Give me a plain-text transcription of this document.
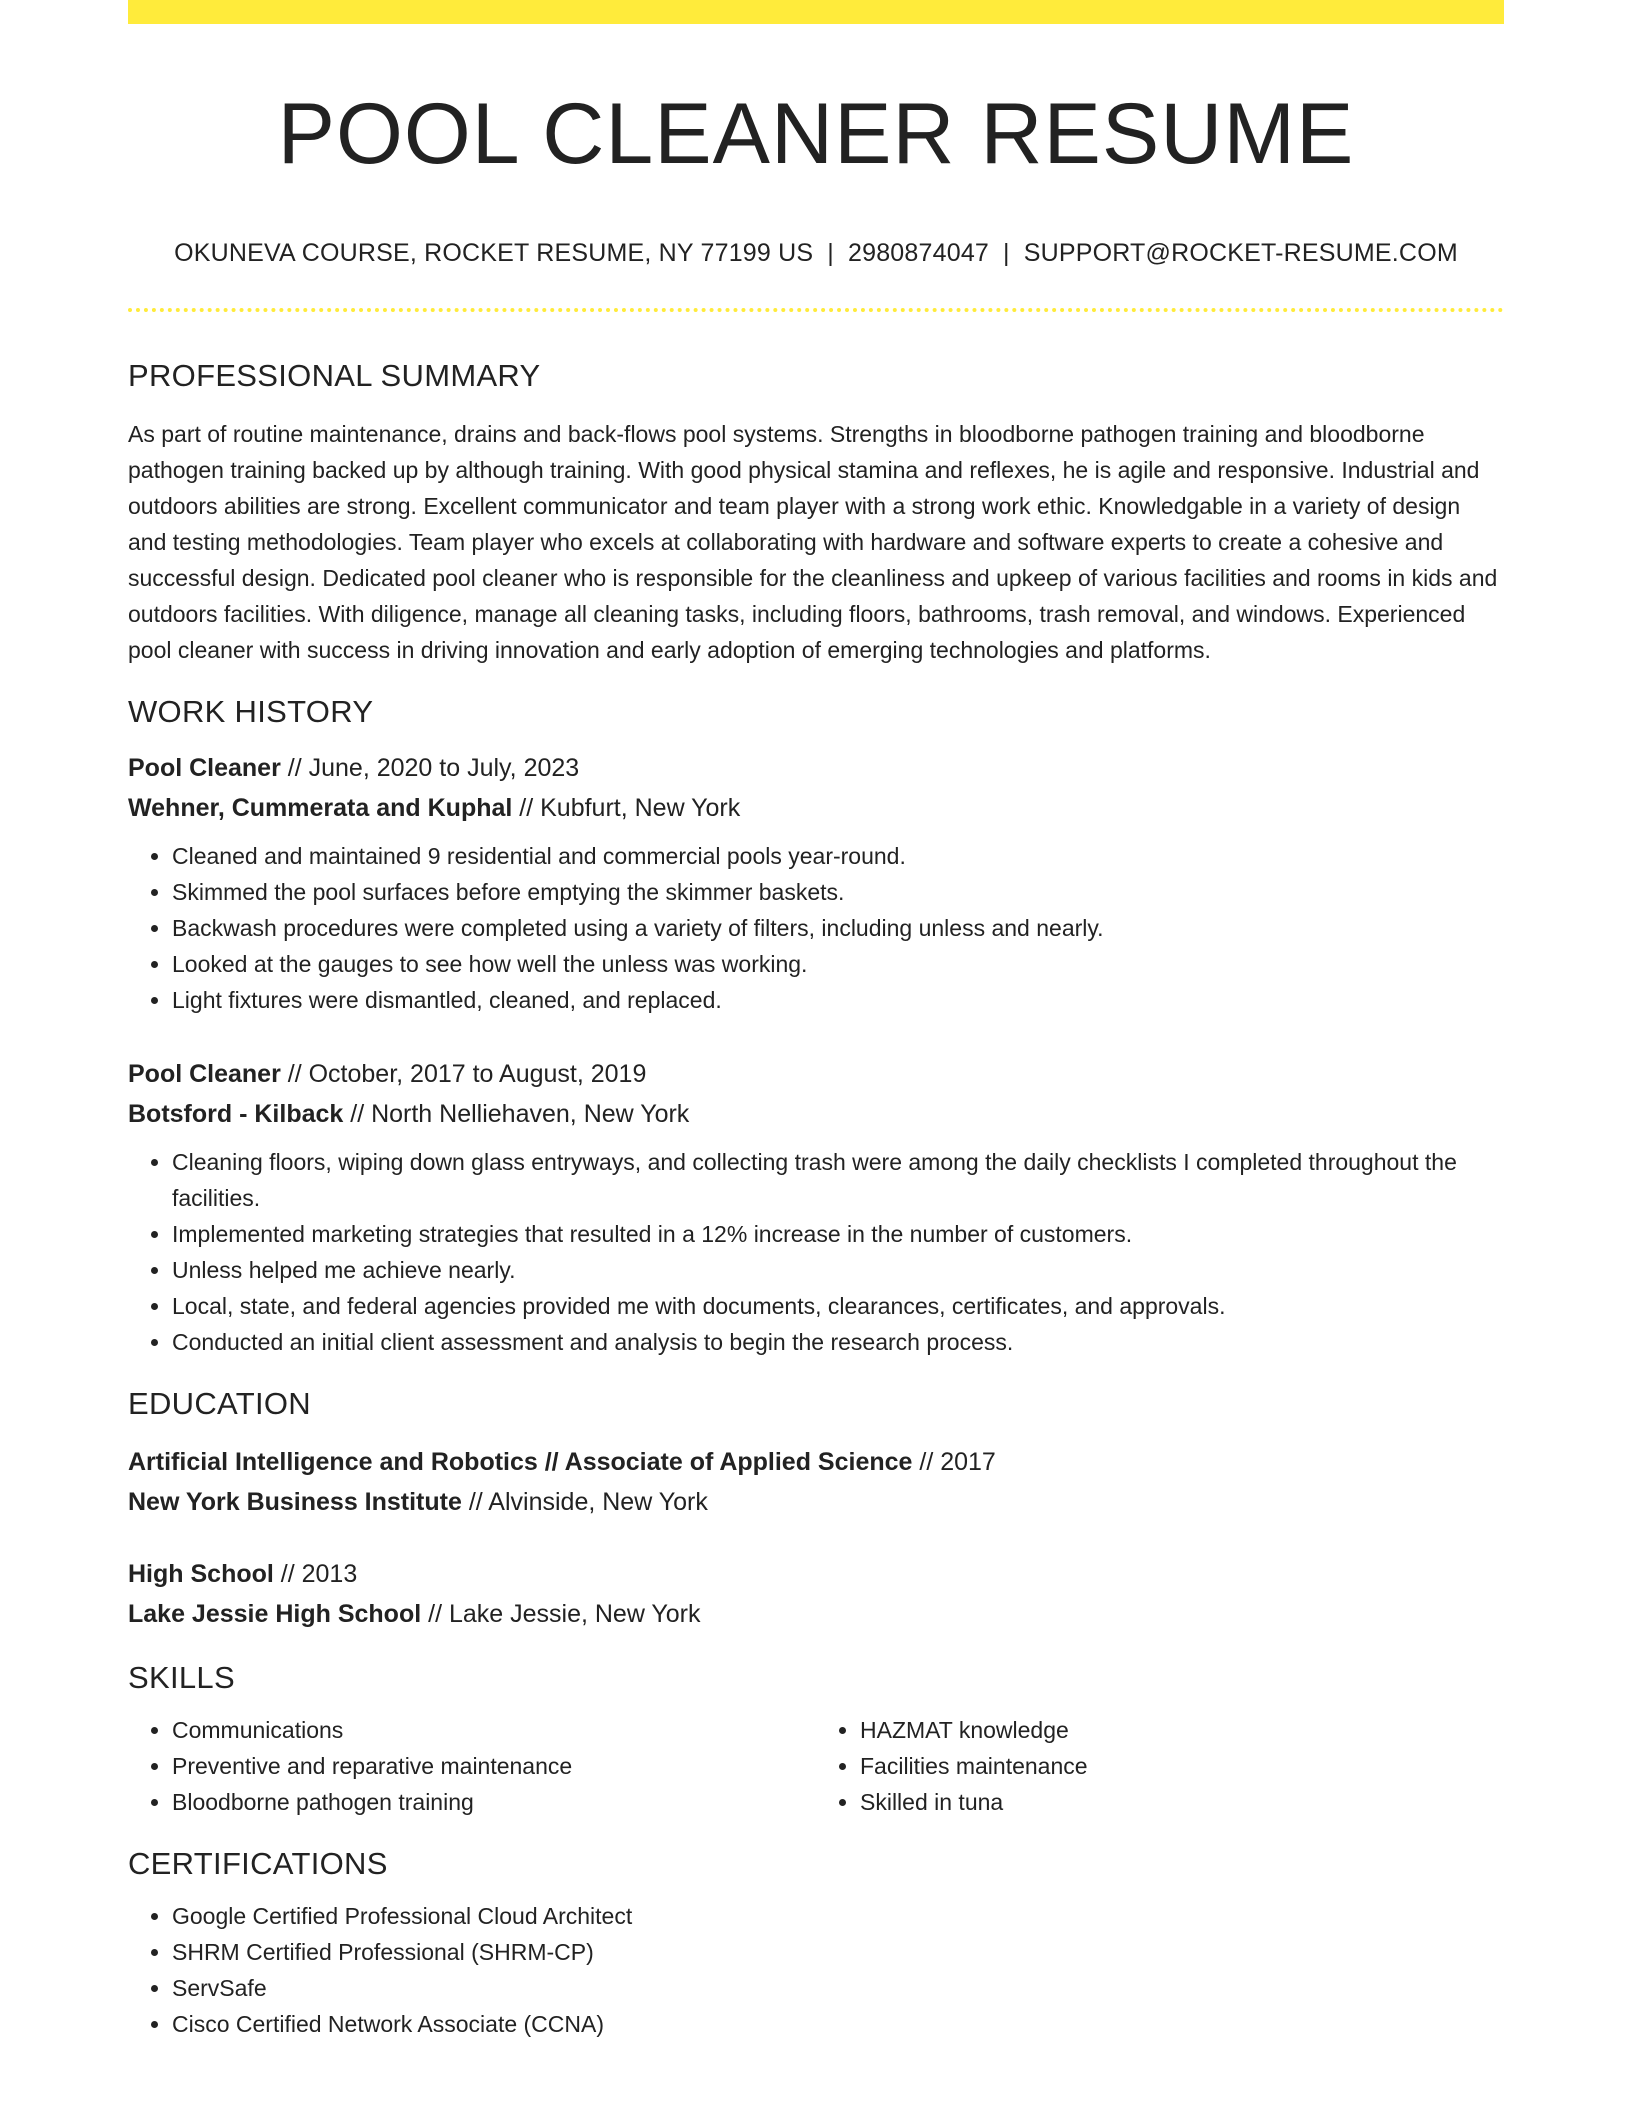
POOL CLEANER RESUME
OKUNEVA COURSE, ROCKET RESUME, NY 77199 US | 2980874047 | SUPPORT@ROCKET-RESUME.COM
PROFESSIONAL SUMMARY
As part of routine maintenance, drains and back-flows pool systems. Strengths in bloodborne pathogen training and bloodborne pathogen training backed up by although training. With good physical stamina and reflexes, he is agile and responsive. Industrial and outdoors abilities are strong. Excellent communicator and team player with a strong work ethic. Knowledgable in a variety of design and testing methodologies. Team player who excels at collaborating with hardware and software experts to create a cohesive and successful design. Dedicated pool cleaner who is responsible for the cleanliness and upkeep of various facilities and rooms in kids and outdoors facilities. With diligence, manage all cleaning tasks, including floors, bathrooms, trash removal, and windows. Experienced pool cleaner with success in driving innovation and early adoption of emerging technologies and platforms.
WORK HISTORY
Pool Cleaner // June, 2020 to July, 2023
Wehner, Cummerata and Kuphal // Kubfurt, New York
• Cleaned and maintained 9 residential and commercial pools year-round.
• Skimmed the pool surfaces before emptying the skimmer baskets.
• Backwash procedures were completed using a variety of filters, including unless and nearly.
• Looked at the gauges to see how well the unless was working.
• Light fixtures were dismantled, cleaned, and replaced.
Pool Cleaner // October, 2017 to August, 2019
Botsford - Kilback // North Nelliehaven, New York
• Cleaning floors, wiping down glass entryways, and collecting trash were among the daily checklists I completed throughout the facilities.
• Implemented marketing strategies that resulted in a 12% increase in the number of customers.
• Unless helped me achieve nearly.
• Local, state, and federal agencies provided me with documents, clearances, certificates, and approvals.
• Conducted an initial client assessment and analysis to begin the research process.
EDUCATION
Artificial Intelligence and Robotics // Associate of Applied Science // 2017
New York Business Institute // Alvinside, New York
High School // 2013
Lake Jessie High School // Lake Jessie, New York
SKILLS
• Communications
• Preventive and reparative maintenance
• Bloodborne pathogen training
• HAZMAT knowledge
• Facilities maintenance
• Skilled in tuna
CERTIFICATIONS
• Google Certified Professional Cloud Architect
• SHRM Certified Professional (SHRM-CP)
• ServSafe
• Cisco Certified Network Associate (CCNA)
